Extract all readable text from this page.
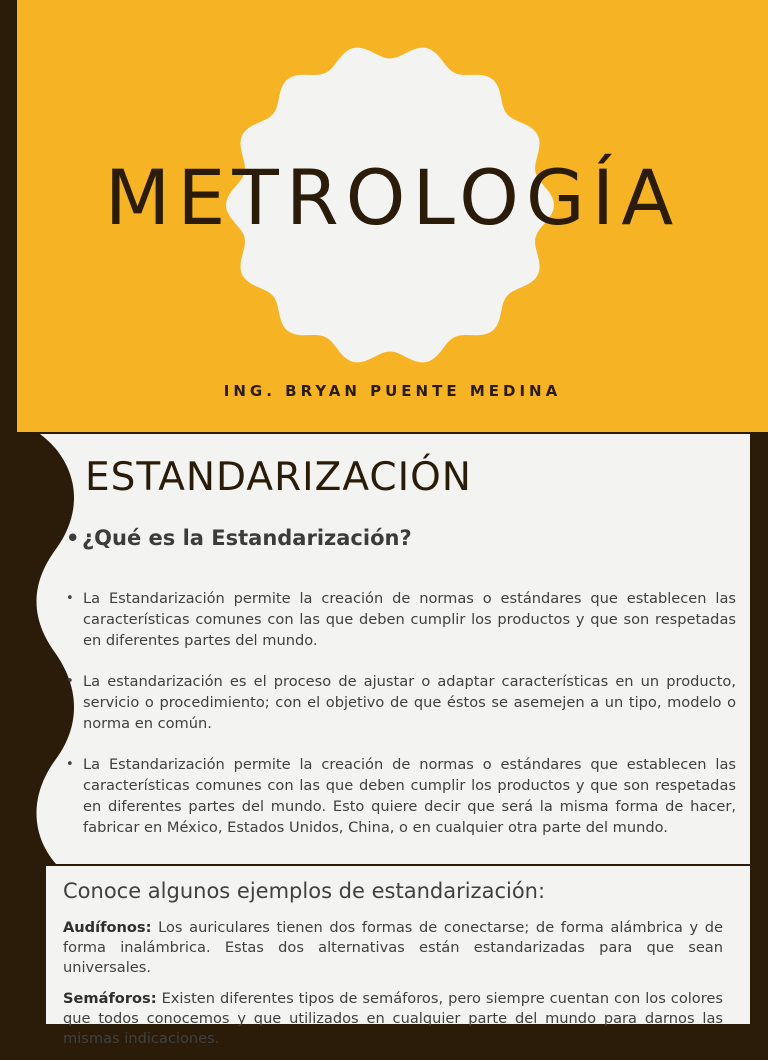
METROLOGÍA
ING. BRYAN PUENTE MEDINA
ESTANDARIZACIÓN
• ¿Qué es la Estandarización?
• La Estandarización permite la creación de normas o estándares que establecen las características comunes con las que deben cumplir los productos y que son respetadas en diferentes partes del mundo.
• La estandarización es el proceso de ajustar o adaptar características en un producto, servicio o procedimiento; con el objetivo de que éstos se asemejen a un tipo, modelo o norma en común.
• La Estandarización permite la creación de normas o estándares que establecen las características comunes con las que deben cumplir los productos y que son respetadas en diferentes partes del mundo. Esto quiere decir que será la misma forma de hacer, fabricar en México, Estados Unidos, China, o en cualquier otra parte del mundo.
Conoce algunos ejemplos de estandarización:
Audífonos: Los auriculares tienen dos formas de conectarse; de forma alámbrica y de forma inalámbrica. Estas dos alternativas están estandarizadas para que sean universales.
Semáforos: Existen diferentes tipos de semáforos, pero siempre cuentan con los colores que todos conocemos y que utilizados en cualquier parte del mundo para darnos las mismas indicaciones.
